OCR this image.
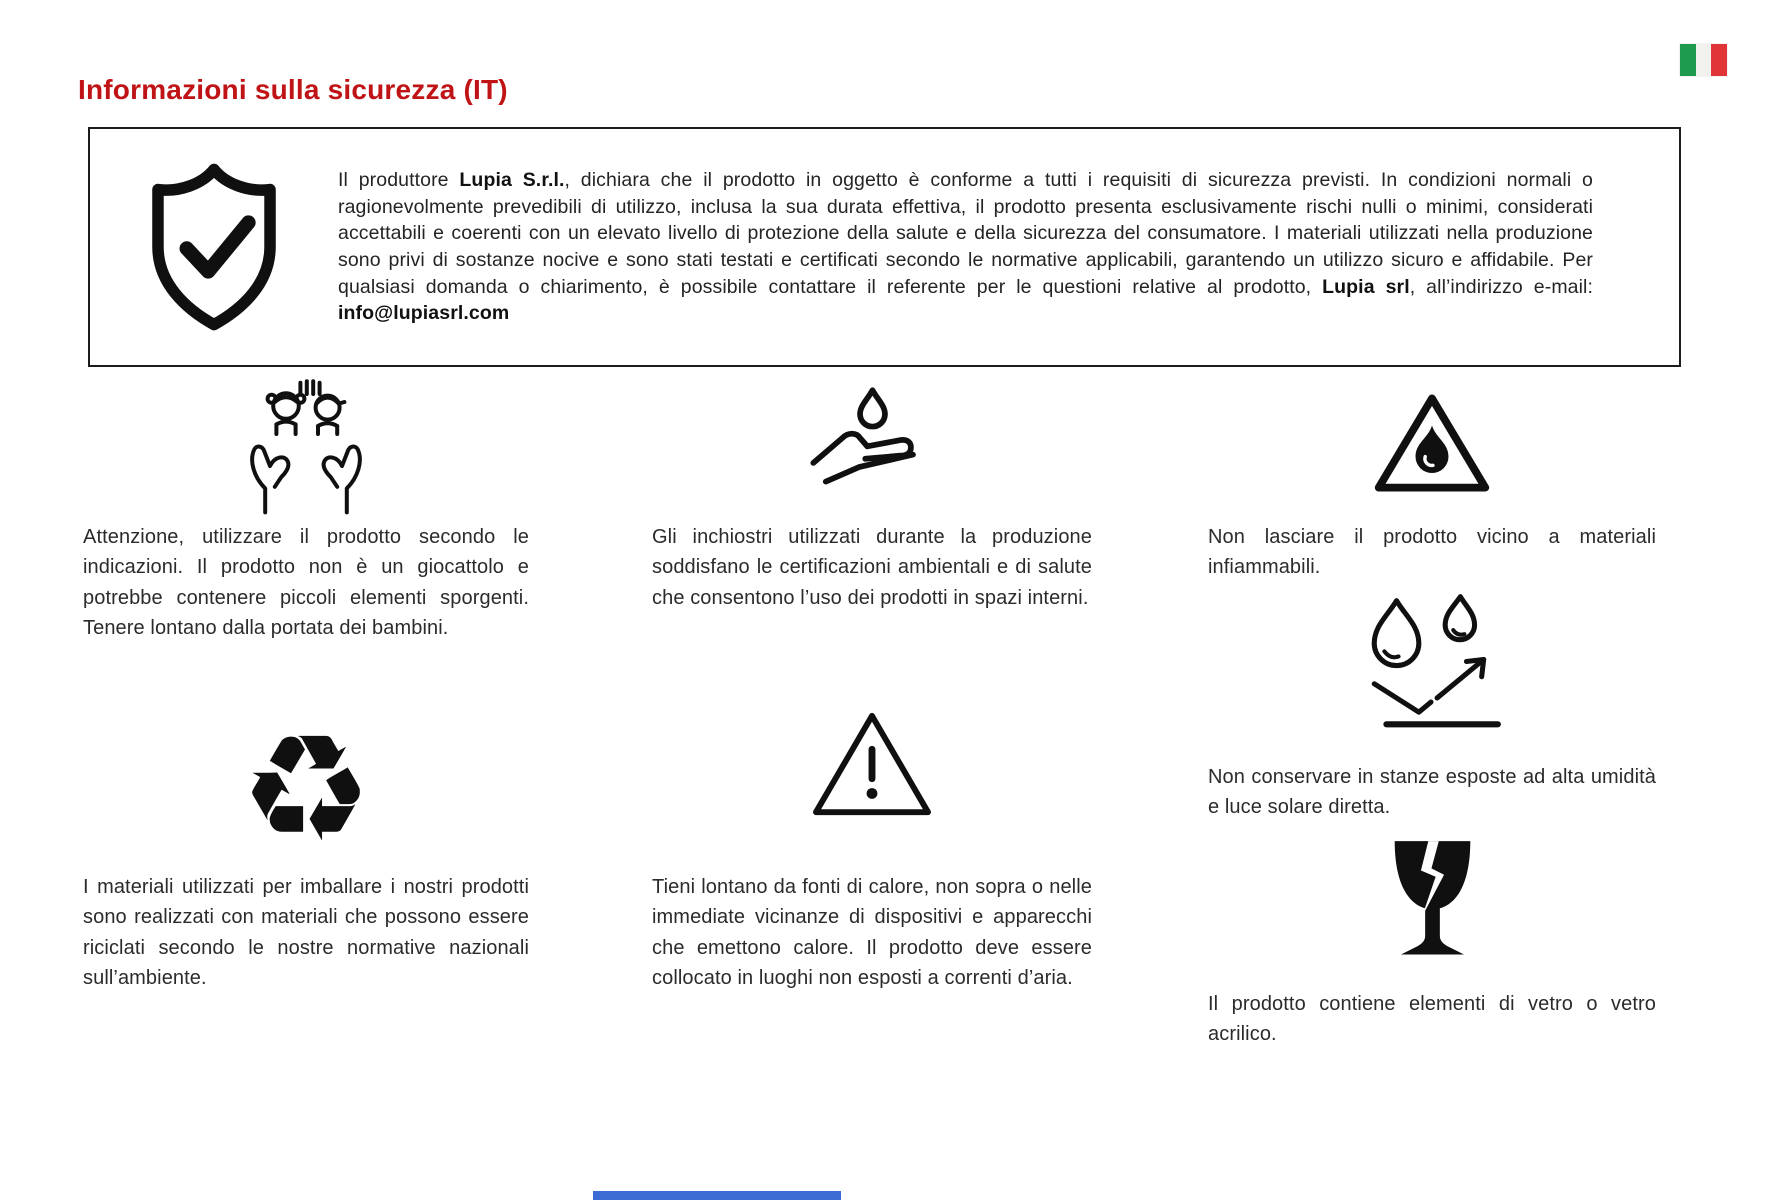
Informazioni sulla sicurezza (IT)
Il produttore Lupia S.r.l., dichiara che il prodotto in oggetto è conforme a tutti i requisiti di sicurezza previsti. In condizioni normali o ragionevolmente prevedibili di utilizzo, inclusa la sua durata effettiva, il prodotto presenta esclusivamente rischi nulli o minimi, considerati accettabili e coerenti con un elevato livello di protezione della salute e della sicurezza del consumatore. I materiali utilizzati nella produzione sono privi di sostanze nocive e sono stati testati e certificati secondo le normative applicabili, garantendo un utilizzo sicuro e affidabile. Per qualsiasi domanda o chiarimento, è possibile contattare il referente per le questioni relative al prodotto, Lupia srl, all’indirizzo e-mail: info@lupiasrl.com
Attenzione, utilizzare il prodotto secondo le indicazioni. Il prodotto non è un giocattolo e potrebbe contenere piccoli elementi sporgenti. Tenere lontano dalla portata dei bambini.
♻
I materiali utilizzati per imballare i nostri prodotti sono realizzati con materiali che possono essere riciclati secondo le nostre normative nazionali sull’ambiente.
Gli inchiostri utilizzati durante la produzione soddisfano le certificazioni ambientali e di salute che consentono l’uso dei prodotti in spazi interni.
Tieni lontano da fonti di calore, non sopra o nelle immediate vicinanze di dispositivi e apparecchi che emettono calore. Il prodotto deve essere collocato in luoghi non esposti a correnti d’aria.
Non lasciare il prodotto vicino a materiali infiammabili.
Non conservare in stanze esposte ad alta umidità e luce solare diretta.
Il prodotto contiene elementi di vetro o vetro acrilico.
